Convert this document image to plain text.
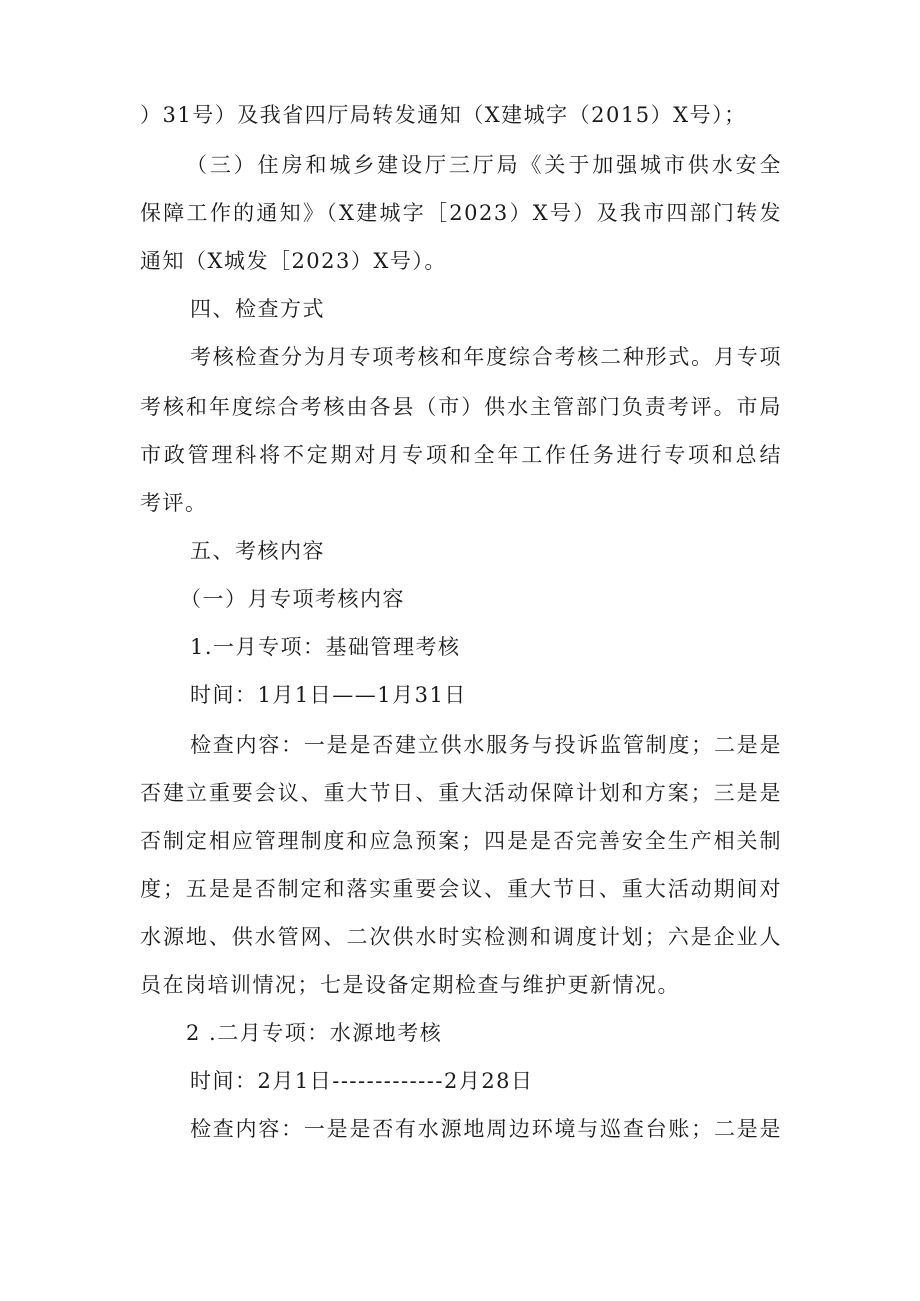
）31号）及我省四厅局转发通知（X建城字（2015）X号）；
（三）住房和城乡建设厅三厅局《关于加强城市供水安全
保障工作的通知》（X建城字［2023）X号）及我市四部门转发
通知（X城发［2023）X号）。
四、检查方式
考核检查分为月专项考核和年度综合考核二种形式。月专项
考核和年度综合考核由各县（市）供水主管部门负责考评。市局
市政管理科将不定期对月专项和全年工作任务进行专项和总结
考评。
五、考核内容
（一）月专项考核内容
1.一月专项：基础管理考核
时间：1月1日——1月31日
检查内容：一是是否建立供水服务与投诉监管制度；二是是
否建立重要会议、重大节日、重大活动保障计划和方案；三是是
否制定相应管理制度和应急预案；四是是否完善安全生产相关制
度；五是是否制定和落实重要会议、重大节日、重大活动期间对
水源地、供水管网、二次供水时实检测和调度计划；六是企业人
员在岗培训情况；七是设备定期检查与维护更新情况。
2 .二月专项：水源地考核
时间：2月1日-------------2月28日
检查内容：一是是否有水源地周边环境与巡查台账；二是是
